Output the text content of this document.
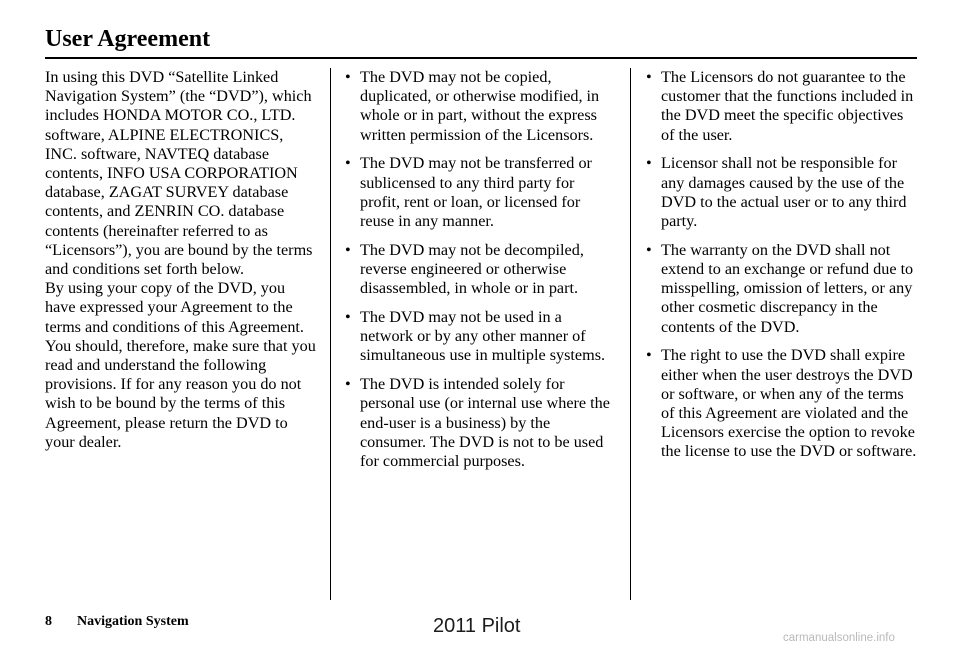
User Agreement

In using this DVD “Satellite Linked Navigation System” (the “DVD”), which includes HONDA MOTOR CO., LTD. software, ALPINE ELECTRONICS, INC. software, NAVTEQ database contents, INFO USA CORPORATION database, ZAGAT SURVEY database contents, and ZENRIN CO. database contents (hereinafter referred to as “Licensors”), you are bound by the terms and conditions set forth below.

By using your copy of the DVD, you have expressed your Agreement to the terms and conditions of this Agreement. You should, therefore, make sure that you read and understand the following provisions. If for any reason you do not wish to be bound by the terms of this Agreement, please return the DVD to your dealer.

• The DVD may not be copied, duplicated, or otherwise modified, in whole or in part, without the express written permission of the Licensors.
• The DVD may not be transferred or sublicensed to any third party for profit, rent or loan, or licensed for reuse in any manner.
• The DVD may not be decompiled, reverse engineered or otherwise disassembled, in whole or in part.
• The DVD may not be used in a network or by any other manner of simultaneous use in multiple systems.
• The DVD is intended solely for personal use (or internal use where the end-user is a business) by the consumer. The DVD is not to be used for commercial purposes.
• The Licensors do not guarantee to the customer that the functions included in the DVD meet the specific objectives of the user.
• Licensor shall not be responsible for any damages caused by the use of the DVD to the actual user or to any third party.
• The warranty on the DVD shall not extend to an exchange or refund due to misspelling, omission of letters, or any other cosmetic discrepancy in the contents of the DVD.
• The right to use the DVD shall expire either when the user destroys the DVD or software, or when any of the terms of this Agreement are violated and the Licensors exercise the option to revoke the license to use the DVD or software.
8 Navigation System	2011 Pilot
carmanualsonline.info
